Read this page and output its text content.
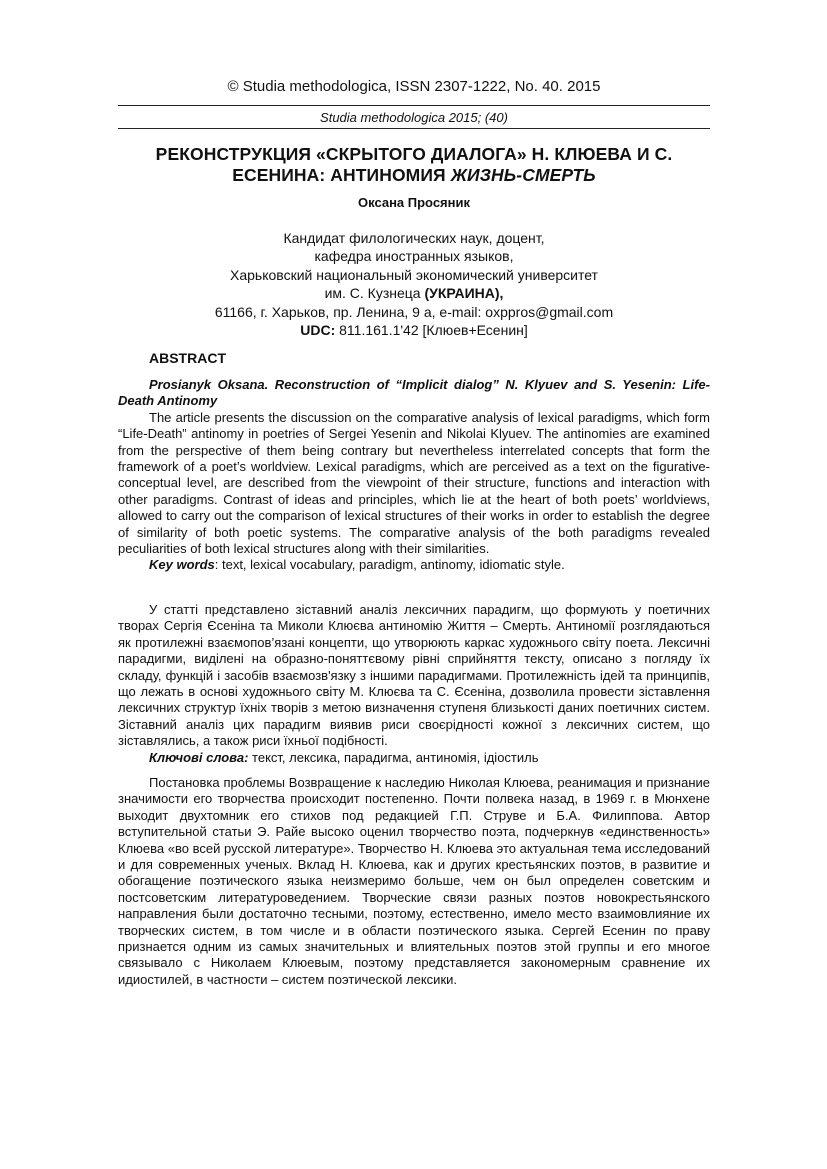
© Studia methodologica, ISSN 2307-1222, No. 40. 2015
Studia methodologica 2015; (40)
РЕКОНСТРУКЦИЯ «СКРЫТОГО ДИАЛОГА» Н. КЛЮЕВА И С. ЕСЕНИНА: АНТИНОМИЯ ЖИЗНЬ-СМЕРТЬ
Оксана Просяник
Кандидат филологических наук, доцент,
кафедра иностранных языков,
Харьковский национальный экономический университет
им. С. Кузнеца (УКРАИНА),
61166, г. Харьков, пр. Ленина, 9 а, e-mail: oxppros@gmail.com
UDC: 811.161.1'42 [Клюев+Есенин]
ABSTRACT

Prosianyk Oksana. Reconstruction of “Implicit dialog” N. Klyuev and S. Yesenin: Life-Death Antinomy

The article presents the discussion on the comparative analysis of lexical paradigms, which form “Life-Death” antinomy in poetries of Sergei Yesenin and Nikolai Klyuev. The antinomies are examined from the perspective of them being contrary but nevertheless interrelated concepts that form the framework of a poet’s worldview. Lexical paradigms, which are perceived as a text on the figurative-conceptual level, are described from the viewpoint of their structure, functions and interaction with other paradigms. Contrast of ideas and principles, which lie at the heart of both poets’ worldviews, allowed to carry out the comparison of lexical structures of their works in order to establish the degree of similarity of both poetic systems. The comparative analysis of the both paradigms revealed peculiarities of both lexical structures along with their similarities.

Key words: text, lexical vocabulary, paradigm, antinomy, idiomatic style.

У статті представлено зіставний аналіз лексичних парадигм, що формують у поетичних творах Сергія Єсеніна та Миколи Клюєва антиномію Життя – Смерть. Антиномії розглядаються як протилежні взаємопов’язані концепти, що утворюють каркас художнього світу поета. Лексичні парадигми, виділені на образно-поняттєвому рівні сприйняття тексту, описано з погляду їх складу, функцій і засобів взаємозв'язку з іншими парадигмами. Протилежність ідей та принципів, що лежать в основі художнього світу М. Клюєва та С. Єсеніна, дозволила провести зіставлення лексичних структур їхніх творів з метою визначення ступеня близькості даних поетичних систем. Зіставний аналіз цих парадигм виявив риси своєрідності кожної з лексичних систем, що зіставлялись, а також риси їхньої подібності.

Ключові слова: текст, лексика, парадигма, антиномія, ідіостиль

Постановка проблемы Возвращение к наследию Николая Клюева, реанимация и признание значимости его творчества происходит постепенно. Почти полвека назад, в 1969 г. в Мюнхене выходит двухтомник его стихов под редакцией Г.П. Струве и Б.А. Филиппова. Автор вступительной статьи Э. Райе высоко оценил творчество поэта, подчеркнув «единственность» Клюева «во всей русской литературе». Творчество Н. Клюева это актуальная тема исследований и для современных ученых. Вклад Н. Клюева, как и других крестьянских поэтов, в развитие и обогащение поэтического языка неизмеримо больше, чем он был определен советским и постсоветским литературоведением. Творческие связи разных поэтов новокрестьянского направления были достаточно тесными, поэтому, естественно, имело место взаимовлияние их творческих систем, в том числе и в области поэтического языка. Сергей Есенин по праву признается одним из самых значительных и влиятельных поэтов этой группы и его многое связывало с Николаем Клюевым, поэтому представляется закономерным сравнение их идиостилей, в частности – систем поэтической лексики.
